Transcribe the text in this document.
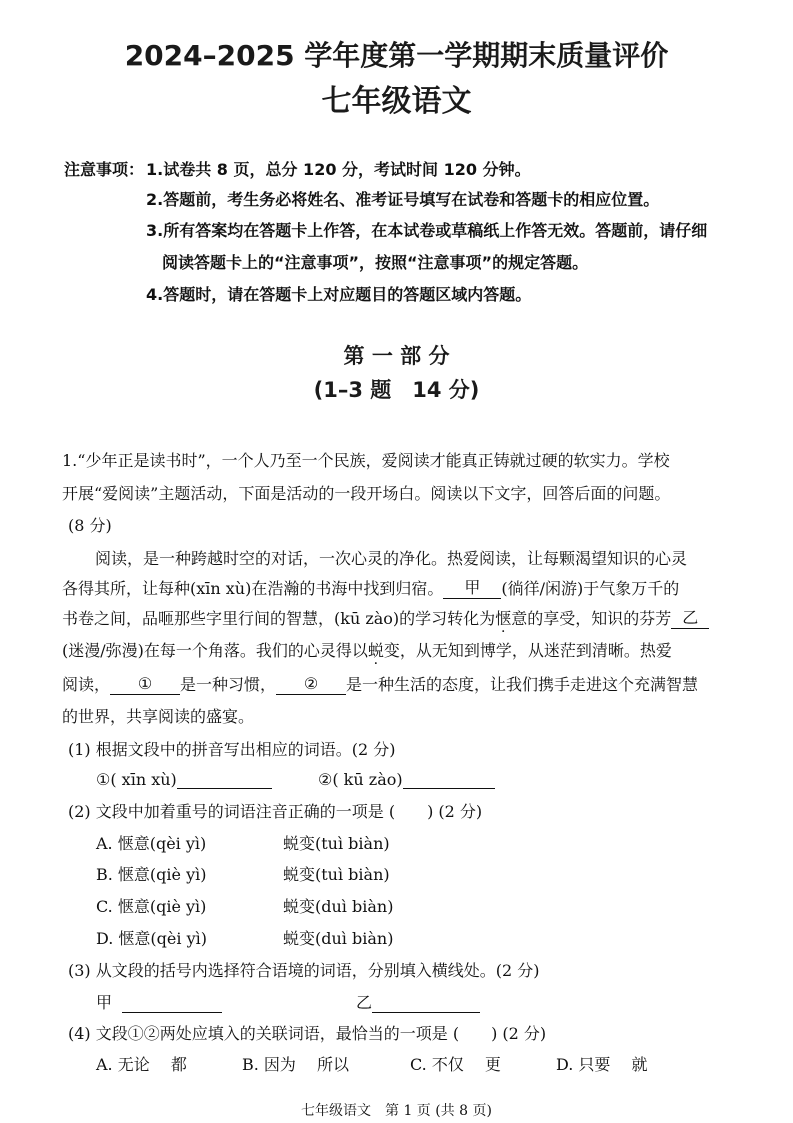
2024–2025 学年度第一学期期末质量评价
七年级语文
注意事项： 1.试卷共 8 页，总分 120 分，考试时间 120 分钟。
2.答题前，考生务必将姓名、准考证号填写在试卷和答题卡的相应位置。
3.所有答案均在答题卡上作答，在本试卷或草稿纸上作答无效。答题前，请仔细
阅读答题卡上的“注意事项”，按照“注意事项”的规定答题。
4.答题时，请在答题卡上对应题目的答题区域内答题。
第 一 部 分
(1–3 题　14 分)
1.“少年正是读书时”，一个人乃至一个民族，爱阅读才能真正铸就过硬的软实力。学校
开展“爱阅读”主题活动，下面是活动的一段开场白。阅读以下文字，回答后面的问题。
(8 分)
阅读，是一种跨越时空的对话，一次心灵的净化。热爱阅读，让每颗渴望知识的心灵
各得其所，让每种(xīn xù)在浩瀚的书海中找到归宿。 甲 (徜徉/闲游)于气象万千的
书卷之间，品咂那些字里行间的智慧，(kū zào)的学习转化为惬意的享受，知识的芬芳 乙
(迷漫/弥漫)在每一个角落。我们的心灵得以蜕变，从无知到博学，从迷茫到清晰。热爱
阅读， ① 是一种习惯， ② 是一种生活的态度，让我们携手走进这个充满智慧
的世界，共享阅读的盛宴。
(1) 根据文段中的拼音写出相应的词语。(2 分)
①( xīn xù)	②( kū zào)
(2) 文段中加着重号的词语注音正确的一项是 (　　) (2 分)
A. 惬意(qèi yì)	蜕变(tuì biàn)
B. 惬意(qiè yì)	蜕变(tuì biàn)
C. 惬意(qiè yì)	蜕变(duì biàn)
D. 惬意(qèi yì)	蜕变(duì biàn)
(3) 从文段的括号内选择符合语境的词语，分别填入横线处。(2 分)
甲	乙
(4) 文段①②两处应填入的关联词语，最恰当的一项是 (　　) (2 分)
A. 无论　 都	B. 因为　 所以	C. 不仅　 更	D. 只要　 就
七年级语文　第 1 页 (共 8 页)
